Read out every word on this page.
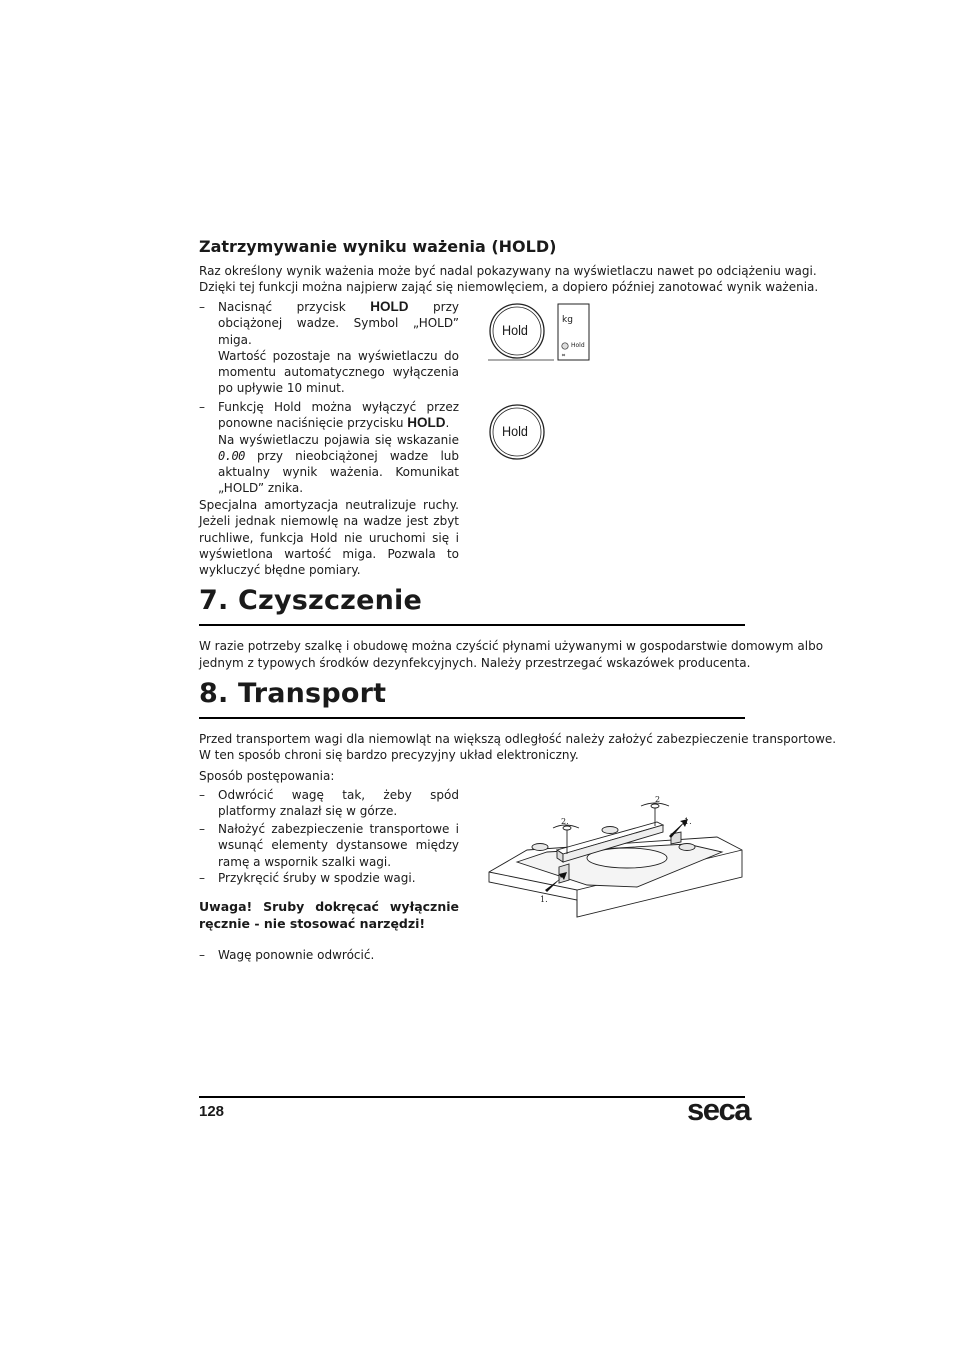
Zatrzymywanie wyniku ważenia (HOLD)
Raz określony wynik ważenia może być nadal pokazywany na wyświetlaczu nawet po odciążeniu wagi.
Dzięki tej funkcji można najpierw zająć się niemowlęciem, a dopiero później zanotować wynik ważenia.
– Nacisnąć przycisk HOLD przy obciążonej wadze. Symbol „HOLD” miga.
Wartość pozostaje na wyświetlaczu do momentu automatycznego wyłączenia po upływie 10 minut.
– Funkcję Hold można wyłączyć przez ponowne naciśnięcie przycisku HOLD.
Na wyświetlaczu pojawia się wskazanie 0.00 przy nieobciążonej wadze lub aktualny wynik ważenia. Komunikat „HOLD” znika.
Specjalna amortyzacja neutralizuje ruchy. Jeżeli jednak niemowlę na wadze jest zbyt ruchliwe, funkcja Hold nie uruchomi się i wyświetlona wartość miga. Pozwala to wykluczyć błędne pomiary.
Hold
kg
Hold
Hold
7. Czyszczenie
W razie potrzeby szalkę i obudowę można czyścić płynami używanymi w gospodarstwie domowym albo
jednym z typowych środków dezynfekcyjnych. Należy przestrzegać wskazówek producenta.
8. Transport
Przed transportem wagi dla niemowląt na większą odległość należy założyć zabezpieczenie transportowe.
W ten sposób chroni się bardzo precyzyjny układ elektroniczny.
Sposób postępowania:
– Odwrócić wagę tak, żeby spód platformy znalazł się w górze.
– Nałożyć zabezpieczenie transportowe i wsunąć elementy dystansowe między ramę a wspornik szalki wagi.
– Przykręcić śruby w spodzie wagi.
Uwaga! Sruby dokręcać wyłącznie ręcznie - nie stosować narzędzi!
– Wagę ponownie odwrócić.
1.
1.
2.
2
128	seca
